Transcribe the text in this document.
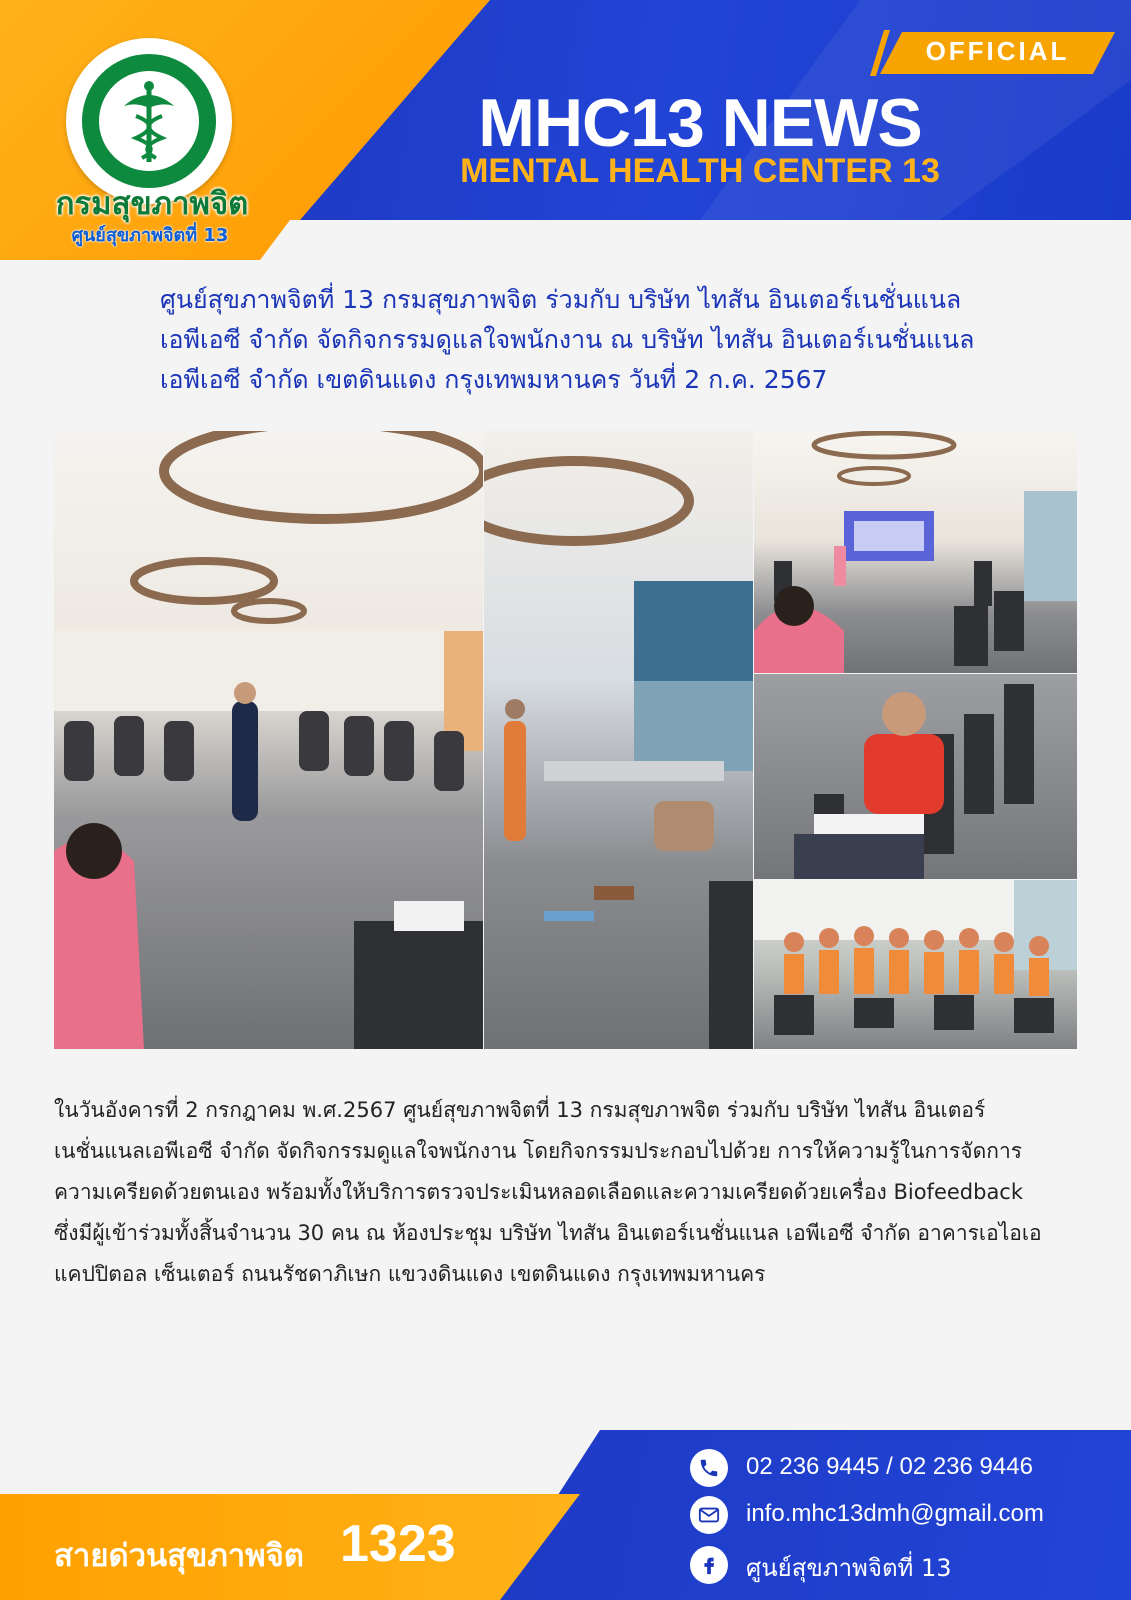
กรมสุขภาพจิต
ศูนย์สุขภาพจิตที่ 13
OFFICIAL
MHC13 NEWS
MENTAL HEALTH CENTER 13
ศูนย์สุขภาพจิตที่ 13 กรมสุขภาพจิต ร่วมกับ บริษัท ไทสัน อินเตอร์เนชั่นแนล
เอพีเอซี จำกัด จัดกิจกรรมดูแลใจพนักงาน ณ บริษัท ไทสัน อินเตอร์เนชั่นแนล
เอพีเอซี จำกัด เขตดินแดง กรุงเทพมหานคร วันที่ 2 ก.ค. 2567
ในวันอังคารที่ 2 กรกฎาคม พ.ศ.2567 ศูนย์สุขภาพจิตที่ 13 กรมสุขภาพจิต ร่วมกับ บริษัท ไทสัน อินเตอร์
เนชั่นแนลเอพีเอซี จำกัด จัดกิจกรรมดูแลใจพนักงาน โดยกิจกรรมประกอบไปด้วย การให้ความรู้ในการจัดการ
ความเครียดด้วยตนเอง พร้อมทั้งให้บริการตรวจประเมินหลอดเลือดและความเครียดด้วยเครื่อง Biofeedback
ซึ่งมีผู้เข้าร่วมทั้งสิ้นจำนวน 30 คน ณ ห้องประชุม บริษัท ไทสัน อินเตอร์เนชั่นแนล เอพีเอซี จำกัด อาคารเอไอเอ
แคปปิตอล เซ็นเตอร์ ถนนรัชดาภิเษก แขวงดินแดง เขตดินแดง กรุงเทพมหานคร
สายด่วนสุขภาพจิต 1323
02 236 9445 / 02 236 9446
info.mhc13dmh@gmail.com
ศูนย์สุขภาพจิตที่ 13
